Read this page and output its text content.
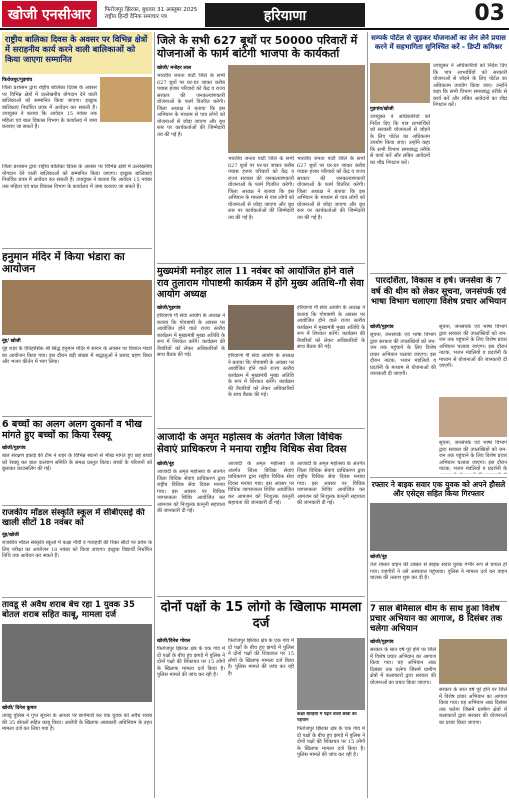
खोजी एनसीआर	फिरोजपुर झिरका, बुधवार 31 अक्तूबर 2025
राष्ट्रीय हिन्दी दैनिक समाचार पत्र	हरियाणा	03
राष्ट्रीय बालिका दिवस के अवसर पर विभिन्न क्षेत्रों में सराहनीय कार्य करने वाली बालिकाओं को किया जाएगा सम्मानित
फिरोजपुर/गुड़गांव
जिला प्रशासन द्वारा राष्ट्रीय बालिका दिवस के अवसर पर विभिन्न क्षेत्रों में उल्लेखनीय योगदान देने वाली बालिकाओं को सम्मानित किया जाएगा। इच्छुक बालिकाएं निर्धारित प्रपत्र में आवेदन कर सकती हैं। उपायुक्त ने बताया कि आवेदन 15 नवंबर तक महिला एवं बाल विकास विभाग के कार्यालय में जमा करवाए जा सकते हैं।
जिला प्रशासन द्वारा राष्ट्रीय बालिका दिवस के अवसर पर विभिन्न क्षेत्रों में उल्लेखनीय योगदान देने वाली बालिकाओं को सम्मानित किया जाएगा। इच्छुक बालिकाएं निर्धारित प्रपत्र में आवेदन कर सकती हैं। उपायुक्त ने बताया कि आवेदन 15 नवंबर तक महिला एवं बाल विकास विभाग के कार्यालय में जमा करवाए जा सकते हैं।
हनुमान मंदिर में किया भंडारा का आयोजन
नूंह/ खोजी
नूंह शहर के ऐतिहासिक श्री सिद्ध हनुमान मंदिर में सावन के अवसर पर विशाल भंडारे का आयोजन किया गया। इस दौरान बड़ी संख्या में श्रद्धालुओं ने प्रसाद ग्रहण किया और भजन कीर्तन में भाग लिया।
6 बच्चों का अलग अलग दुकानों व भीख मांगते हुए बच्चों का किया रेस्क्यू
खोजी/गुड़गांव
बाल संरक्षण इकाई की टीम ने शहर के विभिन्न स्थानों से भीख मांगते हुए छह बच्चों को रेस्क्यू कर बाल कल्याण समिति के समक्ष प्रस्तुत किया। बच्चों के परिजनों को बुलाकर काउंसलिंग की गई।
राजकीय मॉडल संस्कृति स्कूल में सीबीएसई की खाली सीटों 18 नवंबर को
नूंह/खोजी
राजकीय मॉडल संस्कृति स्कूलों में कक्षा नौवीं व ग्यारहवीं की रिक्त सीटों पर प्रवेश के लिए परीक्षा का आयोजन 18 नवंबर को किया जाएगा। इच्छुक विद्यार्थी निर्धारित तिथि तक आवेदन कर सकते हैं।
तावडू से अवैध शराब बेच रहा 1 युवक 35 बोतल शराब सहित काबू, मामला दर्ज
खोजी/ दिनेश कुमार
तावडू पुलिस ने गुप्त सूचना के आधार पर छापेमारी कर एक युवक को अवैध शराब की 35 बोतलों सहित काबू किया। आरोपी के खिलाफ आबकारी अधिनियम के तहत मामला दर्ज कर लिया गया है।
जिले के सभी 627 बूथों पर 50000 परिवारों में योजनाओं के फार्म बांटेगी भाजपा के कार्यकर्ता
खोजी/ मनोहर लाल
भारतीय जनता पार्टी जिले के सभी 627 बूथों पर घर-घर जाकर करीब पचास हजार परिवारों को केंद्र व राज्य सरकार की जनकल्याणकारी योजनाओं के फार्म वितरित करेगी। जिला अध्यक्ष ने बताया कि इस अभियान के माध्यम से पात्र लोगों को योजनाओं से जोड़ा जाएगा और बूथ स्तर पर कार्यकर्ताओं की जिम्मेदारी तय की गई है।
भारतीय जनता पार्टी जिले के सभी 627 बूथों पर घर-घर जाकर करीब पचास हजार परिवारों को केंद्र व राज्य सरकार की जनकल्याणकारी योजनाओं के फार्म वितरित करेगी। जिला अध्यक्ष ने बताया कि इस अभियान के माध्यम से पात्र लोगों को योजनाओं से जोड़ा जाएगा और बूथ स्तर पर कार्यकर्ताओं की जिम्मेदारी तय की गई है।
भारतीय जनता पार्टी जिले के सभी 627 बूथों पर घर-घर जाकर करीब पचास हजार परिवारों को केंद्र व राज्य सरकार की जनकल्याणकारी योजनाओं के फार्म वितरित करेगी। जिला अध्यक्ष ने बताया कि इस अभियान के माध्यम से पात्र लोगों को योजनाओं से जोड़ा जाएगा और बूथ स्तर पर कार्यकर्ताओं की जिम्मेदारी तय की गई है।
मुख्यमंत्री मनोहर लाल 11 नवंबर को आयोजित होने वाले राव तुलाराम गोपाष्टमी कार्यक्रम में होंगे मुख्य अतिथि-गौ सेवा आयोग अध्यक्ष
खोजी/गुड़गांव
हरियाणा गौ सेवा आयोग के अध्यक्ष ने बताया कि गोपाष्टमी के अवसर पर आयोजित होने वाले राज्य स्तरीय कार्यक्रम में मुख्यमंत्री मुख्य अतिथि के रूप में शिरकत करेंगे। कार्यक्रम की तैयारियों को लेकर अधिकारियों के साथ बैठक की गई।	हरियाणा गौ सेवा आयोग के अध्यक्ष ने बताया कि गोपाष्टमी के अवसर पर आयोजित होने वाले राज्य स्तरीय कार्यक्रम में मुख्यमंत्री मुख्य अतिथि के रूप में शिरकत करेंगे। कार्यक्रम की तैयारियों को लेकर अधिकारियों के साथ बैठक की गई।
हरियाणा गौ सेवा आयोग के अध्यक्ष ने बताया कि गोपाष्टमी के अवसर पर आयोजित होने वाले राज्य स्तरीय कार्यक्रम में मुख्यमंत्री मुख्य अतिथि के रूप में शिरकत करेंगे। कार्यक्रम की तैयारियों को लेकर अधिकारियों के साथ बैठक की गई।
आजादी के अमृत महोत्सव के अंतर्गत जिला विधिक सेवाएं प्राधिकरण ने मनाया राष्ट्रीय विधिक सेवा दिवस
खोजी/नूंह
आजादी के अमृत महोत्सव के अंतर्गत जिला विधिक सेवाएं प्राधिकरण द्वारा राष्ट्रीय विधिक सेवा दिवस मनाया गया। इस अवसर पर विधिक जागरूकता शिविर आयोजित कर आमजन को निःशुल्क कानूनी सहायता की जानकारी दी गई।
आजादी के अमृत महोत्सव के अंतर्गत जिला विधिक सेवाएं प्राधिकरण द्वारा राष्ट्रीय विधिक सेवा दिवस मनाया गया। इस अवसर पर विधिक जागरूकता शिविर आयोजित कर आमजन को निःशुल्क कानूनी सहायता की जानकारी दी गई।
आजादी के अमृत महोत्सव के अंतर्गत जिला विधिक सेवाएं प्राधिकरण द्वारा राष्ट्रीय विधिक सेवा दिवस मनाया गया। इस अवसर पर विधिक जागरूकता शिविर आयोजित कर आमजन को निःशुल्क कानूनी सहायता की जानकारी दी गई।
दोनों पक्षों के 15 लोगो के खिलाफ मामला दर्ज
खोजी/दिनेश गोयल
फिरोजपुर झिरका क्षेत्र के एक गांव में दो पक्षों के बीच हुए झगड़े में पुलिस ने दोनों पक्षों की शिकायत पर 15 लोगों के खिलाफ मामला दर्ज किया है। पुलिस मामले की जांच कर रही है।
फिरोजपुर झिरका क्षेत्र के एक गांव में दो पक्षों के बीच हुए झगड़े में पुलिस ने दोनों पक्षों की शिकायत पर 15 लोगों के खिलाफ मामला दर्ज किया है। पुलिस मामले की जांच कर रही है।
कक्षा बारहवीं में पढ़ने वाली छात्रा की पहचान
फिरोजपुर झिरका क्षेत्र के एक गांव में दो पक्षों के बीच हुए झगड़े में पुलिस ने दोनों पक्षों की शिकायत पर 15 लोगों के खिलाफ मामला दर्ज किया है। पुलिस मामले की जांच कर रही है।
सम्पर्क पोर्टल से जुड़कर योजनाओं का लेन लेने प्रयास करने में सहभागिता सुनिश्चित करें - डिप्टी कमिश्नर
गुड़गांव/खोजी
उपायुक्त ने अधिकारियों को निर्देश दिए कि पात्र लाभार्थियों को सरकारी योजनाओं से जोड़ने के लिए पोर्टल का अधिकतम उपयोग किया जाए। उन्होंने कहा कि सभी विभाग समयबद्ध तरीके से कार्य करें और लंबित आवेदनों का शीघ्र निपटान करें।
उपायुक्त ने अधिकारियों को निर्देश दिए कि पात्र लाभार्थियों को सरकारी योजनाओं से जोड़ने के लिए पोर्टल का अधिकतम उपयोग किया जाए। उन्होंने कहा कि सभी विभाग समयबद्ध तरीके से कार्य करें और लंबित आवेदनों का शीघ्र निपटान करें।
पारदर्शिता, विकास व हर्ष। जनसेवा के 7 वर्ष की थीम को लेकर सूचना, जनसंपर्क एवं भाषा विभाग चलाएगा विशेष प्रचार अभियान
खोजी/गुड़गांव
सूचना, जनसंपर्क एवं भाषा विभाग द्वारा सरकार की उपलब्धियों को जन-जन तक पहुंचाने के लिए विशेष प्रचार अभियान चलाया जाएगा। इस दौरान नाटक, भजन मंडलियों व प्रदर्शनी के माध्यम से योजनाओं की जानकारी दी जाएगी।
सूचना, जनसंपर्क एवं भाषा विभाग द्वारा सरकार की उपलब्धियों को जन-जन तक पहुंचाने के लिए विशेष प्रचार अभियान चलाया जाएगा। इस दौरान नाटक, भजन मंडलियों व प्रदर्शनी के माध्यम से योजनाओं की जानकारी दी जाएगी।
सूचना, जनसंपर्क एवं भाषा विभाग द्वारा सरकार की उपलब्धियों को जन-जन तक पहुंचाने के लिए विशेष प्रचार अभियान चलाया जाएगा। इस दौरान नाटक, भजन मंडलियों व प्रदर्शनी के
रफ्तार ने बाइक सवार एक युवक को अपने हौसले और एसेट्स सहित किया गिरफ्तार
खोजी/नूंह
तेज रफ्तार वाहन की टक्कर से बाइक सवार युवक गंभीर रूप से घायल हो गया। राहगीरों ने उसे अस्पताल पहुंचाया। पुलिस ने मामला दर्ज कर वाहन चालक की तलाश शुरू कर दी है।
7 साल बेमिसाल थीम के साथ हुआ विशेष प्रचार अभियान का आगाज, 8 दिसंबर तक चलेगा अभियान
खोजी/गुड़गांव
सरकार के सात वर्ष पूरे होने पर जिले में विशेष प्रचार अभियान का आगाज किया गया। यह अभियान आठ दिसंबर तक चलेगा जिसमें ग्रामीण क्षेत्रों में कलाकारों द्वारा सरकार की योजनाओं का प्रचार किया जाएगा।
सरकार के सात वर्ष पूरे होने पर जिले में विशेष प्रचार अभियान का आगाज किया गया। यह अभियान आठ दिसंबर तक चलेगा जिसमें ग्रामीण क्षेत्रों में कलाकारों द्वारा सरकार की योजनाओं का प्रचार किया जाएगा।
